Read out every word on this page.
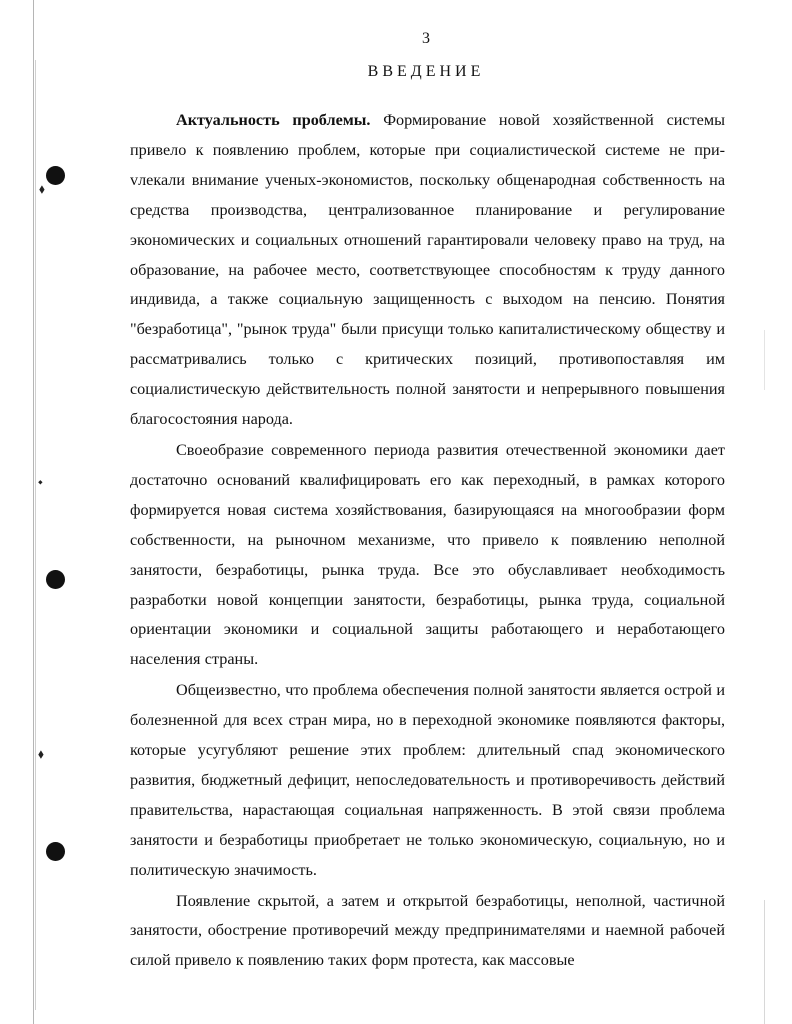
⬧
⬩
⬧
3
ВВЕДЕНИЕ

Актуальность проблемы. Формирование новой хозяйственной системы привело к появлению проблем, которые при социалистической системе не приvлекали внимание ученых-экономистов, поскольку общенародная собственность на средства производства, централизованное планирование и регулирование экономических и социальных отношений гарантировали человеку право на труд, на образование, на рабочее место, соответствующее способностям к труду данного индивида, а также социальную защищенность с выходом на пенсию. Понятия "безработица", "рынок труда" были присущи только капиталистическому обществу и рассматривались только с критических позиций, противопоставляя им социалистическую действительность полной занятости и непрерывного повышения благосостояния народа.

Своеобразие современного периода развития отечественной экономики дает достаточно оснований квалифицировать его как переходный, в рамках которого формируется новая система хозяйствования, базирующаяся на многообразии форм собственности, на рыночном механизме, что привело к появлению неполной занятости, безработицы, рынка труда. Все это обуславливает необходимость разработки новой концепции занятости, безработицы, рынка труда, социальной ориентации экономики и социальной защиты работающего и неработающего населения страны.

Общеизвестно, что проблема обеспечения полной занятости является острой и болезненной для всех стран мира, но в переходной экономике появляются факторы, которые усугубляют решение этих проблем: длительный спад экономического развития, бюджетный дефицит, непоследовательность и противоречивость действий правительства, нарастающая социальная напряженность. В этой связи проблема занятости и безработицы приобретает не только экономическую, социальную, но и политическую значимость.

Появление скрытой, а затем и открытой безработицы, неполной, частичной занятости, обострение противоречий между предпринимателями и наемной рабочей силой привело к появлению таких форм протеста, как массовые
